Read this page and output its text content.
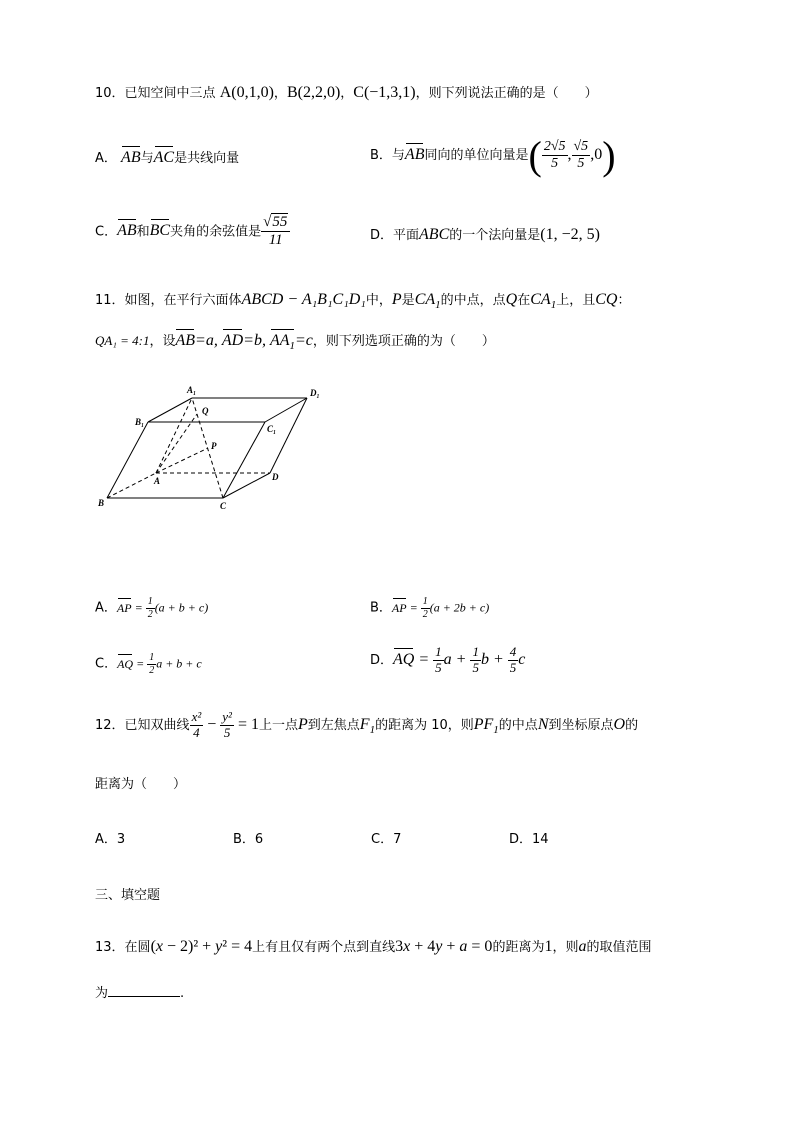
10．已知空间中三点 A(0,1,0)，B(2,2,0)，C(−1,3,1)，则下列说法正确的是（　　）
A． AB与AC是共线向量	B．与AB同向的单位向量是( $\frac{2√5}{5}$ , $\frac{√5}{5} ,0$)
C．AB和BC夹角的余弦值是 $\frac{√55}{11}$	D．平面ABC的一个法向量是(1, −2, 5)
11．如图，在平行六面体ABCD − A₁B₁C₁D₁中，P是$CA_1$的中点，点Q在$CA_1$上，且CQ：
QA₁ = 4:1，设AB=a, AD=b, $AA_1=c$，则下列选项正确的为（　　）
A₁	D₁
B₁
Q
C₁
P
A	D
B	C
A．AP = $\frac{1}{2} (a + b + c)$	B．AP = $\frac{1}{2} (a + 2b + c)$
C．AQ = $\frac{1}{2}$ a + b + c	D．AQ = $\frac{1}{5}$ $a + \frac{1}{5}$ $b + \frac{4}{5}$ c
12．已知双曲线 $\frac{\text{x²}}{4} - \frac{\text{y²}}{5} = 1$上一点P到左焦点$F_1$的距离为 10，则$PF_1$的中点N到坐标原点O的
距离为（　　）
A．3	B．6	C．7	D．14
三、填空题
13．在圆(x − 2)² + y² = 4上有且仅有两个点到直线3x + 4y + a = 0的距离为1，则a的取值范围
为	.
